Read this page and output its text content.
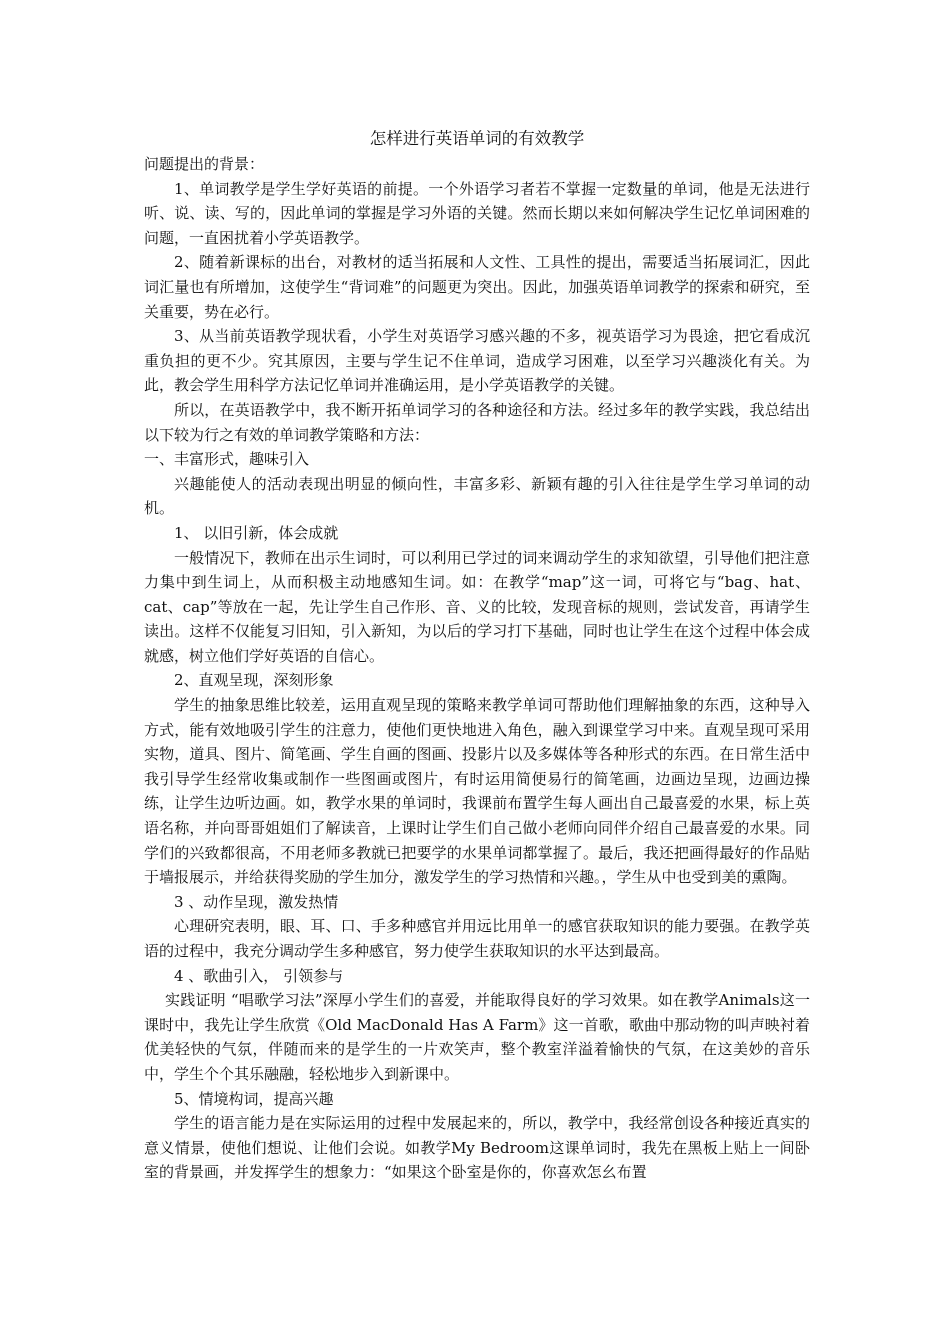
怎样进行英语单词的有效教学

问题提出的背景：

1、单词教学是学生学好英语的前提。一个外语学习者若不掌握一定数量的单词，他是无法进行听、说、读、写的，因此单词的掌握是学习外语的关键。然而长期以来如何解决学生记忆单词困难的问题，一直困扰着小学英语教学。

2、随着新课标的出台，对教材的适当拓展和人文性、工具性的提出，需要适当拓展词汇，因此词汇量也有所增加，这使学生“背词难”的问题更为突出。因此，加强英语单词教学的探索和研究，至关重要，势在必行。

3、从当前英语教学现状看，小学生对英语学习感兴趣的不多，视英语学习为畏途，把它看成沉重负担的更不少。究其原因，主要与学生记不住单词，造成学习困难，以至学习兴趣淡化有关。为此，教会学生用科学方法记忆单词并准确运用，是小学英语教学的关键。

所以，在英语教学中，我不断开拓单词学习的各种途径和方法。经过多年的教学实践，我总结出以下较为行之有效的单词教学策略和方法：

一、丰富形式，趣味引入

兴趣能使人的活动表现出明显的倾向性，丰富多彩、新颖有趣的引入往往是学生学习单词的动机。

1、 以旧引新，体会成就

一般情况下，教师在出示生词时，可以利用已学过的词来调动学生的求知欲望，引导他们把注意力集中到生词上，从而积极主动地感知生词。如：在教学“map”这一词，可将它与“bag、hat、cat、cap”等放在一起，先让学生自己作形、音、义的比较，发现音标的规则，尝试发音，再请学生读出。这样不仅能复习旧知，引入新知，为以后的学习打下基础，同时也让学生在这个过程中体会成就感，树立他们学好英语的自信心。

2、直观呈现，深刻形象

学生的抽象思维比较差，运用直观呈现的策略来教学单词可帮助他们理解抽象的东西，这种导入方式，能有效地吸引学生的注意力，使他们更快地进入角色，融入到课堂学习中来。直观呈现可采用实物，道具、图片、简笔画、学生自画的图画、投影片以及多媒体等各种形式的东西。在日常生活中我引导学生经常收集或制作一些图画或图片，有时运用简便易行的简笔画，边画边呈现，边画边操练，让学生边听边画。如，教学水果的单词时，我课前布置学生每人画出自己最喜爱的水果，标上英语名称，并向哥哥姐姐们了解读音，上课时让学生们自己做小老师向同伴介绍自己最喜爱的水果。同学们的兴致都很高，不用老师多教就已把要学的水果单词都掌握了。最后，我还把画得最好的作品贴于墙报展示，并给获得奖励的学生加分，激发学生的学习热情和兴趣。，学生从中也受到美的熏陶。

3 、动作呈现，激发热情

心理研究表明，眼、耳、口、手多种感官并用远比用单一的感官获取知识的能力要强。在教学英语的过程中，我充分调动学生多种感官，努力使学生获取知识的水平达到最高。

4 、歌曲引入， 引领参与

实践证明 “唱歌学习法”深厚小学生们的喜爱，并能取得良好的学习效果。如在教学Animals这一课时中，我先让学生欣赏《Old MacDonald Has A Farm》这一首歌，歌曲中那动物的叫声映衬着优美轻快的气氛，伴随而来的是学生的一片欢笑声，整个教室洋溢着愉快的气氛，在这美妙的音乐中，学生个个其乐融融，轻松地步入到新课中。

5、情境构词，提高兴趣

学生的语言能力是在实际运用的过程中发展起来的，所以，教学中，我经常创设各种接近真实的意义情景，使他们想说、让他们会说。如教学My Bedroom这课单词时，我先在黑板上贴上一间卧室的背景画，并发挥学生的想象力：“如果这个卧室是你的，你喜欢怎幺布置
